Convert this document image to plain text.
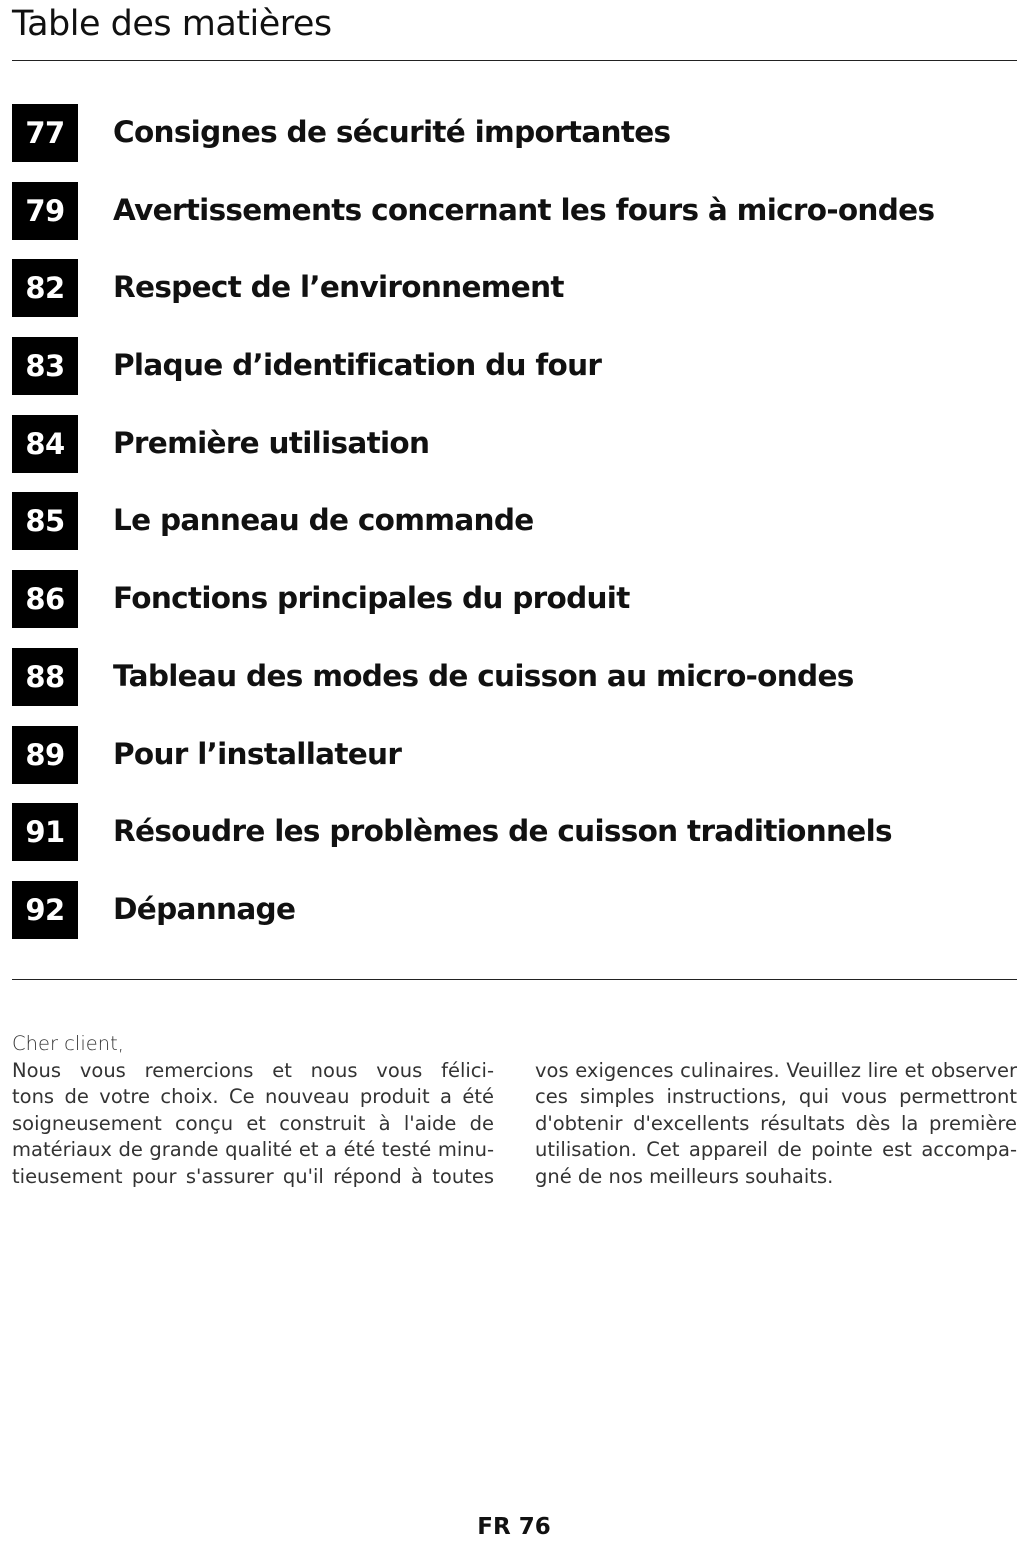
Table des matières
77	Consignes de sécurité importantes
79	Avertissements concernant les fours à micro-ondes
82	Respect de l’environnement
83	Plaque d’identification du four
84	Première utilisation
85	Le panneau de commande
86	Fonctions principales du produit
88	Tableau des modes de cuisson au micro-ondes
89	Pour l’installateur
91	Résoudre les problèmes de cuisson traditionnels
92	Dépannage
Cher client,
Nous vous remercions et nous vous félici-
tons de votre choix. Ce nouveau produit a été
soigneusement conçu et construit à l'aide de
matériaux de grande qualité et a été testé minu-
tieusement pour s'assurer qu'il répond à toutes
vos exigences culinaires. Veuillez lire et observer
ces simples instructions, qui vous permettront
d'obtenir d'excellents résultats dès la première
utilisation. Cet appareil de pointe est accompa-
gné de nos meilleurs souhaits.
FR 76
